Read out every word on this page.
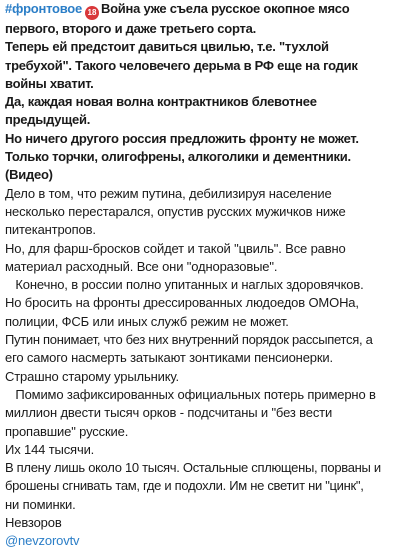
#фронтовое 18 Война уже съела русское окопное мясо
первого, второго и даже третьего сорта.
Теперь ей предстоит давиться цвилью, т.е. "тухлой
требухой". Такого человечего дерьма в РФ еще на годик
войны хватит.
Да, каждая новая волна контрактников блевотнее
предыдущей.
Но ничего другого россия предложить фронту не может.
Только торчки, олигофрены, алкоголики и дементники.
(Видео)
Дело в том, что режим путина, дебилизируя население
несколько перестарался, опустив русских мужичков ниже
питекантропов.
Но, для фарш-бросков сойдет и такой "цвиль". Все равно
материал расходный. Все они "одноразовые".
Конечно, в россии полно упитанных и наглых здоровячков.
Но бросить на фронты дрессированных людоедов ОМОНа,
полиции, ФСБ или иных служб режим не может.
Путин понимает, что без них внутренний порядок рассыпется, а
его самого насмерть затыкают зонтиками пенсионерки.
Страшно старому урыльнику.
Помимо зафиксированных официальных потерь примерно в
миллион двести тысяч орков - подсчитаны и "без вести
пропавшие" русские.
Их 144 тысячи.
В плену лишь около 10 тысяч. Остальные сплющены, порваны и
брошены сгнивать там, где и подохли. Им не светит ни "цинк",
ни поминки.
Невзоров
@nevzorovtv
